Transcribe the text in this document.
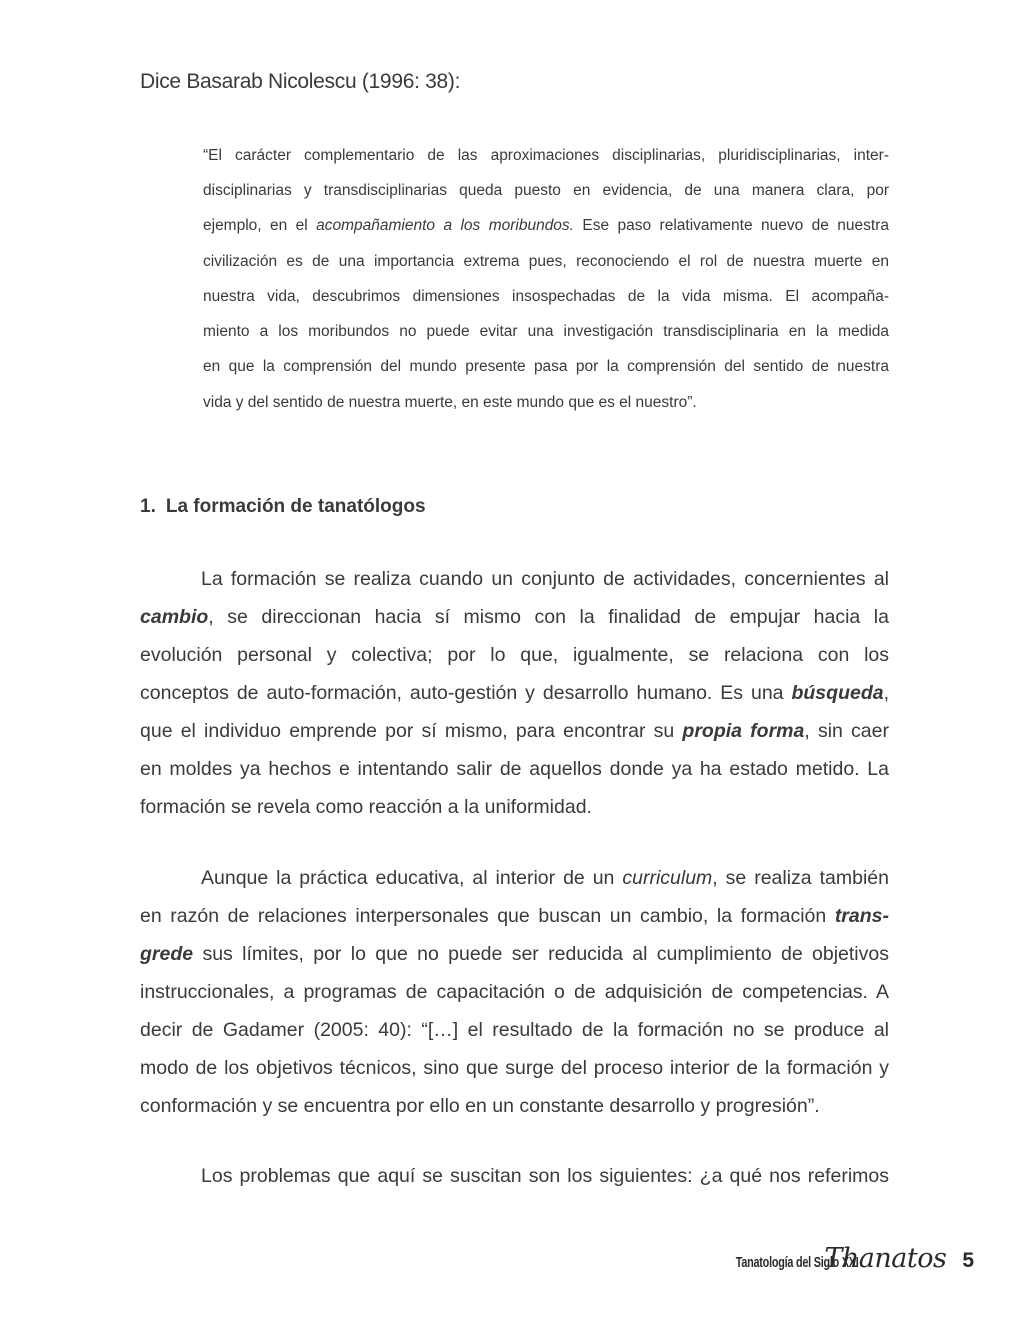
Dice Basarab Nicolescu (1996: 38):
“El carácter complementario de las aproximaciones disciplinarias, pluridisciplinarias, inter-
disciplinarias y transdisciplinarias queda puesto en evidencia, de una manera clara, por
ejemplo, en el acompañamiento a los moribundos. Ese paso relativamente nuevo de nuestra
civilización es de una importancia extrema pues, reconociendo el rol de nuestra muerte en
nuestra vida, descubrimos dimensiones insospechadas de la vida misma. El acompaña-
miento a los moribundos no puede evitar una investigación transdisciplinaria en la medida
en que la comprensión del mundo presente pasa por la comprensión del sentido de nuestra
vida y del sentido de nuestra muerte, en este mundo que es el nuestro”.
1. La formación de tanatólogos
La formación se realiza cuando un conjunto de actividades, concernientes al
cambio, se direccionan hacia sí mismo con la finalidad de empujar hacia la
evolución personal y colectiva; por lo que, igualmente, se relaciona con los
conceptos de auto-formación, auto-gestión y desarrollo humano. Es una búsqueda,
que el individuo emprende por sí mismo, para encontrar su propia forma, sin caer
en moldes ya hechos e intentando salir de aquellos donde ya ha estado metido. La
formación se revela como reacción a la uniformidad.
Aunque la práctica educativa, al interior de un curriculum, se realiza también
en razón de relaciones interpersonales que buscan un cambio, la formación trans-
grede sus límites, por lo que no puede ser reducida al cumplimiento de objetivos
instruccionales, a programas de capacitación o de adquisición de competencias. A
decir de Gadamer (2005: 40): “[…] el resultado de la formación no se produce al
modo de los objetivos técnicos, sino que surge del proceso interior de la formación y
conformación y se encuentra por ello en un constante desarrollo y progresión”.
Los problemas que aquí se suscitan son los siguientes: ¿a qué nos referimos
Tanatología del Siglo XXI
Thanatos 5
